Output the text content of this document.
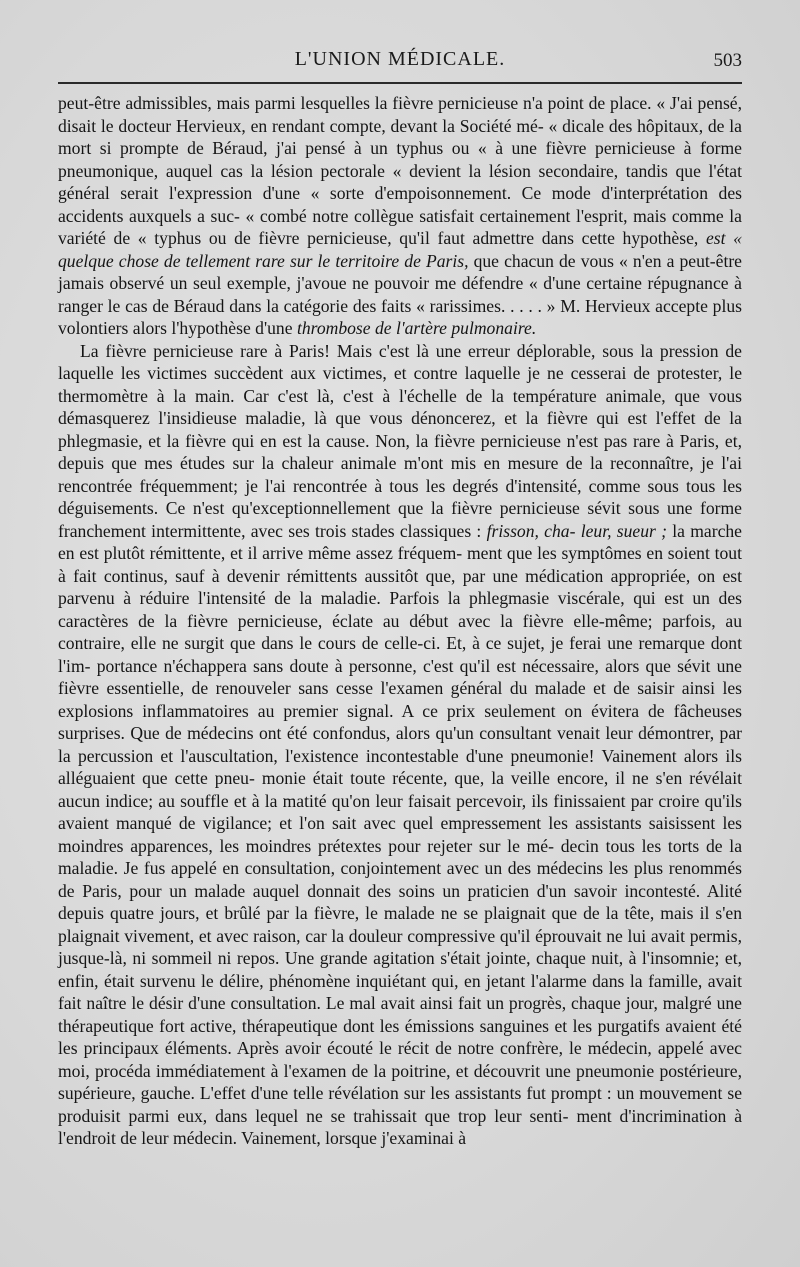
L'UNION MÉDICALE.	503

peut-être admissibles, mais parmi lesquelles la fièvre pernicieuse n'a point de place. « J'ai pensé, disait le docteur Hervieux, en rendant compte, devant la Société mé- « dicale des hôpitaux, de la mort si prompte de Béraud, j'ai pensé à un typhus ou « à une fièvre pernicieuse à forme pneumonique, auquel cas la lésion pectorale « devient la lésion secondaire, tandis que l'état général serait l'expression d'une « sorte d'empoisonnement. Ce mode d'interprétation des accidents auxquels a suc- « combé notre collègue satisfait certainement l'esprit, mais comme la variété de « typhus ou de fièvre pernicieuse, qu'il faut admettre dans cette hypothèse, est « quelque chose de tellement rare sur le territoire de Paris, que chacun de vous « n'en a peut-être jamais observé un seul exemple, j'avoue ne pouvoir me défendre « d'une certaine répugnance à ranger le cas de Béraud dans la catégorie des faits « rarissimes. . . . . » M. Hervieux accepte plus volontiers alors l'hypothèse d'une thrombose de l'artère pulmonaire.

La fièvre pernicieuse rare à Paris! Mais c'est là une erreur déplorable, sous la pression de laquelle les victimes succèdent aux victimes, et contre laquelle je ne cesserai de protester, le thermomètre à la main. Car c'est là, c'est à l'échelle de la température animale, que vous démasquerez l'insidieuse maladie, là que vous dénoncerez, et la fièvre qui est l'effet de la phlegmasie, et la fièvre qui en est la cause. Non, la fièvre pernicieuse n'est pas rare à Paris, et, depuis que mes études sur la chaleur animale m'ont mis en mesure de la reconnaître, je l'ai rencontrée fréquemment; je l'ai rencontrée à tous les degrés d'intensité, comme sous tous les déguisements. Ce n'est qu'exceptionnellement que la fièvre pernicieuse sévit sous une forme franchement intermittente, avec ses trois stades classiques : frisson, cha- leur, sueur ; la marche en est plutôt rémittente, et il arrive même assez fréquem- ment que les symptômes en soient tout à fait continus, sauf à devenir rémittents aussitôt que, par une médication appropriée, on est parvenu à réduire l'intensité de la maladie. Parfois la phlegmasie viscérale, qui est un des caractères de la fièvre pernicieuse, éclate au début avec la fièvre elle-même; parfois, au contraire, elle ne surgit que dans le cours de celle-ci. Et, à ce sujet, je ferai une remarque dont l'im- portance n'échappera sans doute à personne, c'est qu'il est nécessaire, alors que sévit une fièvre essentielle, de renouveler sans cesse l'examen général du malade et de saisir ainsi les explosions inflammatoires au premier signal. A ce prix seulement on évitera de fâcheuses surprises. Que de médecins ont été confondus, alors qu'un consultant venait leur démontrer, par la percussion et l'auscultation, l'existence incontestable d'une pneumonie! Vainement alors ils alléguaient que cette pneu- monie était toute récente, que, la veille encore, il ne s'en révélait aucun indice; au souffle et à la matité qu'on leur faisait percevoir, ils finissaient par croire qu'ils avaient manqué de vigilance; et l'on sait avec quel empressement les assistants saisissent les moindres apparences, les moindres prétextes pour rejeter sur le mé- decin tous les torts de la maladie. Je fus appelé en consultation, conjointement avec un des médecins les plus renommés de Paris, pour un malade auquel donnait des soins un praticien d'un savoir incontesté. Alité depuis quatre jours, et brûlé par la fièvre, le malade ne se plaignait que de la tête, mais il s'en plaignait vivement, et avec raison, car la douleur compressive qu'il éprouvait ne lui avait permis, jusque-là, ni sommeil ni repos. Une grande agitation s'était jointe, chaque nuit, à l'insomnie; et, enfin, était survenu le délire, phénomène inquiétant qui, en jetant l'alarme dans la famille, avait fait naître le désir d'une consultation. Le mal avait ainsi fait un progrès, chaque jour, malgré une thérapeutique fort active, thérapeutique dont les émissions sanguines et les purgatifs avaient été les principaux éléments. Après avoir écouté le récit de notre confrère, le médecin, appelé avec moi, procéda immédiatement à l'examen de la poitrine, et découvrit une pneumonie postérieure, supérieure, gauche. L'effet d'une telle révélation sur les assistants fut prompt : un mouvement se produisit parmi eux, dans lequel ne se trahissait que trop leur senti- ment d'incrimination à l'endroit de leur médecin. Vainement, lorsque j'examinai à
